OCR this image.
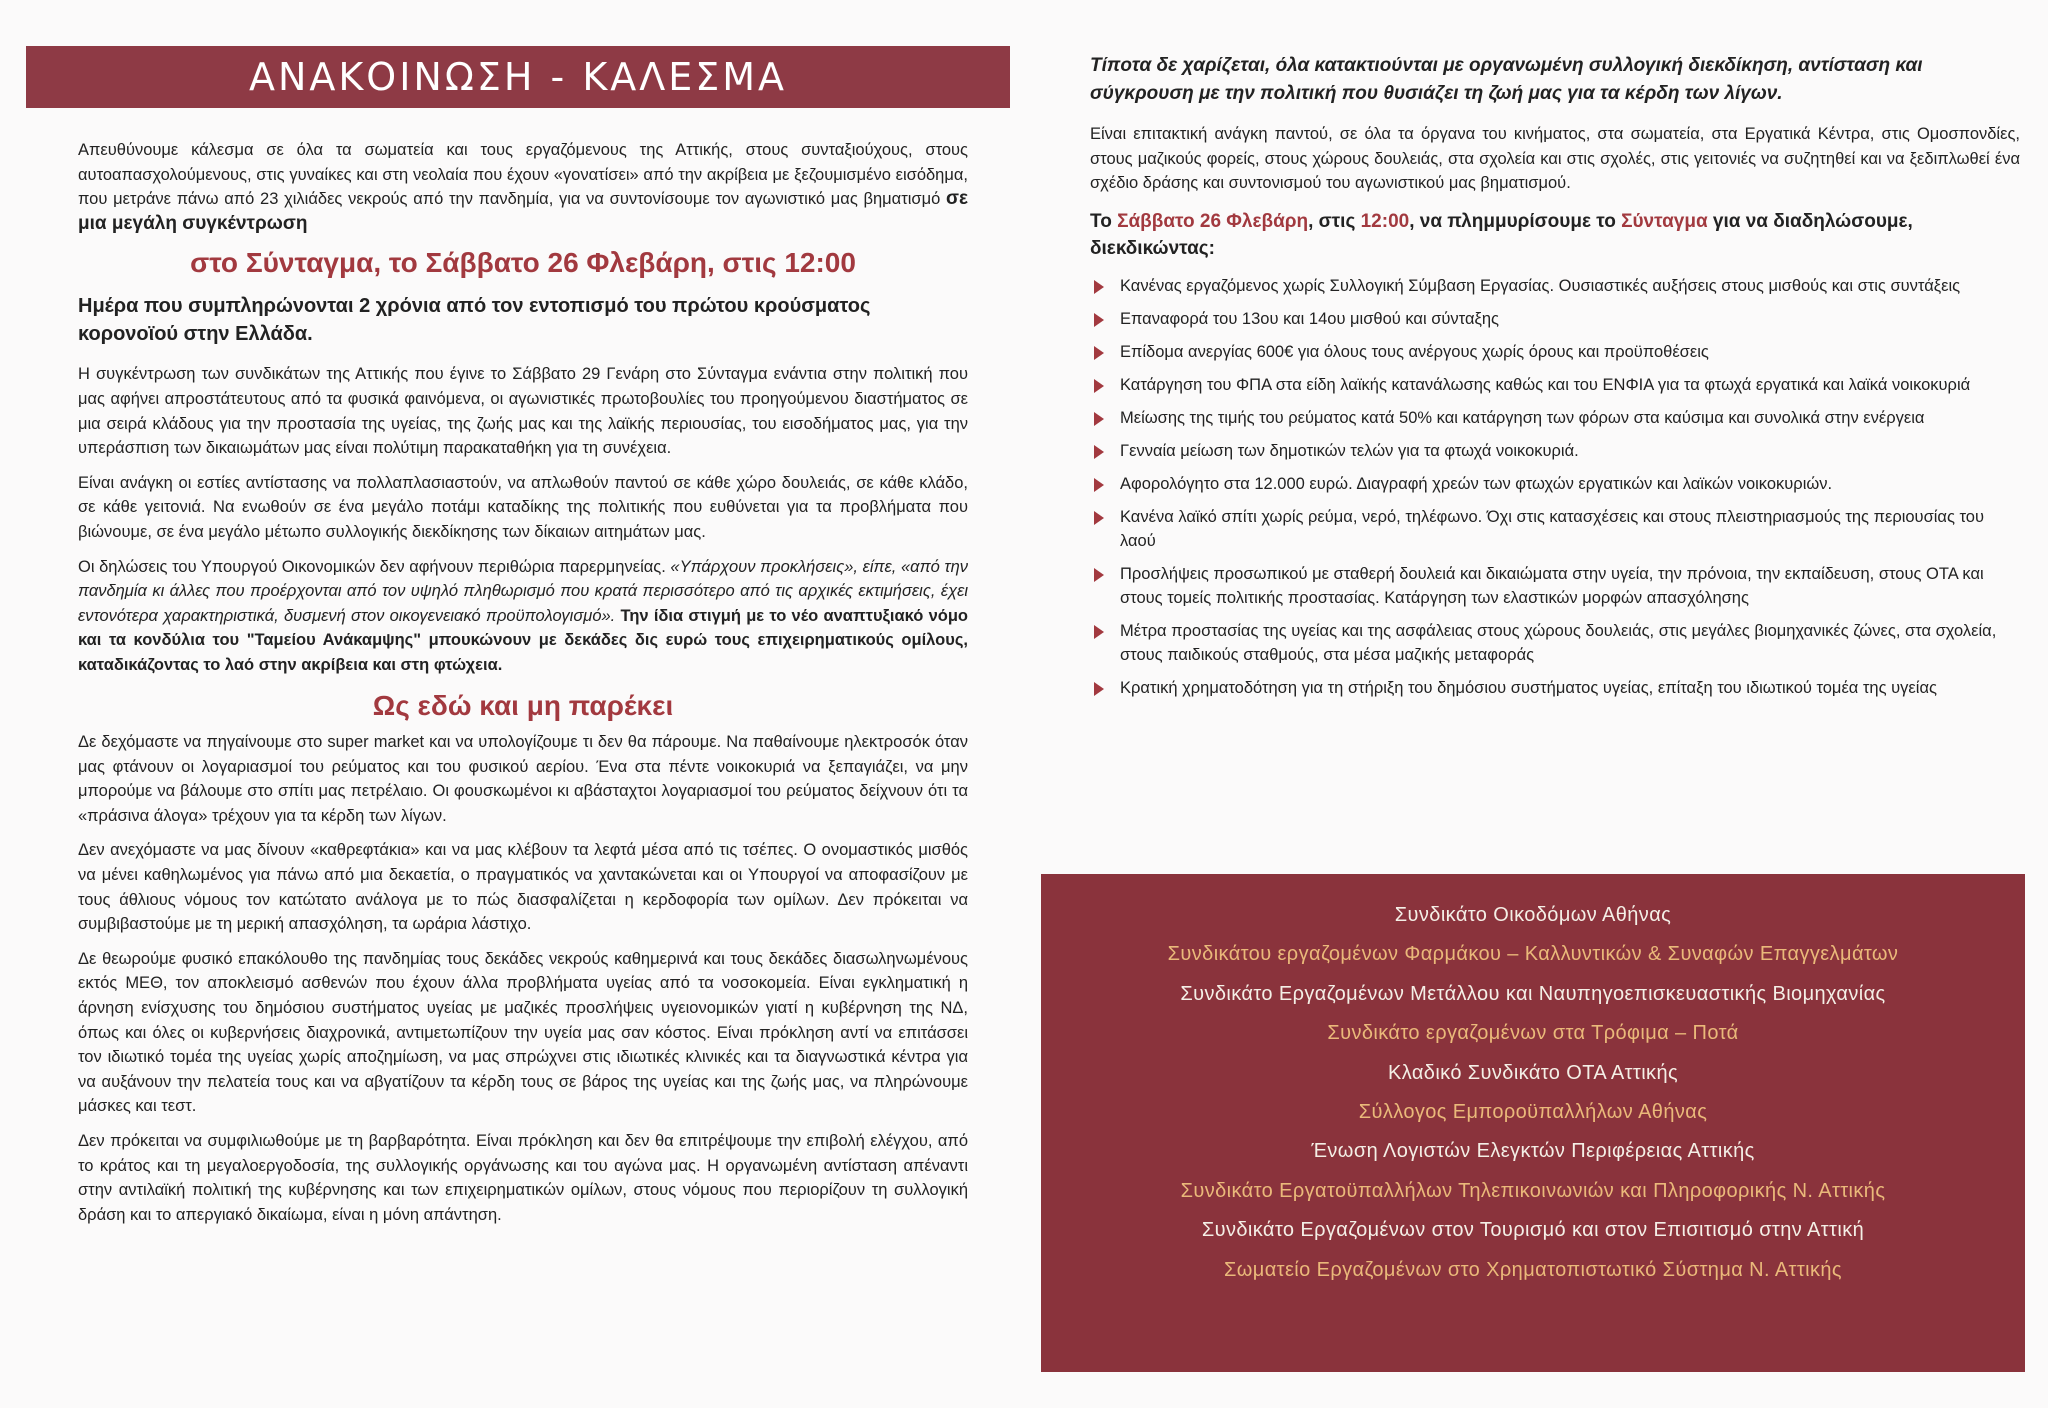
ΑΝΑΚΟΙΝΩΣΗ - ΚΑΛΕΣΜΑ

Απευθύνουμε κάλεσμα σε όλα τα σωματεία και τους εργαζόμενους της Αττικής, στους συνταξιούχους, στους αυτοαπασχολούμενους, στις γυναίκες και στη νεολαία που έχουν «γονατίσει» από την ακρίβεια με ξεζουμισμένο εισόδημα, που μετράνε πάνω από 23 χιλιάδες νεκρούς από την πανδημία, για να συντονίσουμε τον αγωνιστικό μας βηματισμό σε μια μεγάλη συγκέντρωση

στο Σύνταγμα, το Σάββατο 26 Φλεβάρη, στις 12:00

Ημέρα που συμπληρώνονται 2 χρόνια από τον εντοπισμό του πρώτου κρούσματος κορονοϊού στην Ελλάδα.

Η συγκέντρωση των συνδικάτων της Αττικής που έγινε το Σάββατο 29 Γενάρη στο Σύνταγμα ενάντια στην πολιτική που μας αφήνει απροστάτευτους από τα φυσικά φαινόμενα, οι αγωνιστικές πρωτοβουλίες του προηγούμενου διαστήματος σε μια σειρά κλάδους για την προστασία της υγείας, της ζωής μας και της λαϊκής περιουσίας, του εισοδήματος μας, για την υπεράσπιση των δικαιωμάτων μας είναι πολύτιμη παρακαταθήκη για τη συνέχεια.

Είναι ανάγκη οι εστίες αντίστασης να πολλαπλασιαστούν, να απλωθούν παντού σε κάθε χώρο δουλειάς, σε κάθε κλάδο, σε κάθε γειτονιά. Να ενωθούν σε ένα μεγάλο ποτάμι καταδίκης της πολιτικής που ευθύνεται για τα προβλήματα που βιώνουμε, σε ένα μεγάλο μέτωπο συλλογικής διεκδίκησης των δίκαιων αιτημάτων μας.

Οι δηλώσεις του Υπουργού Οικονομικών δεν αφήνουν περιθώρια παρερμηνείας. «Υπάρχουν προκλήσεις», είπε, «από την πανδημία κι άλλες που προέρχονται από τον υψηλό πληθωρισμό που κρατά περισσότερο από τις αρχικές εκτιμήσεις, έχει εντονότερα χαρακτηριστικά, δυσμενή στον οικογενειακό προϋπολογισμό». Την ίδια στιγμή με το νέο αναπτυξιακό νόμο και τα κονδύλια του "Ταμείου Ανάκαμψης" μπουκώνουν με δεκάδες δις ευρώ τους επιχειρηματικούς ομίλους, καταδικάζοντας το λαό στην ακρίβεια και στη φτώχεια.

Ως εδώ και μη παρέκει

Δε δεχόμαστε να πηγαίνουμε στο super market και να υπολογίζουμε τι δεν θα πάρουμε. Να παθαίνουμε ηλεκτροσόκ όταν μας φτάνουν οι λογαριασμοί του ρεύματος και του φυσικού αερίου. Ένα στα πέντε νοικοκυριά να ξεπαγιάζει, να μην μπορούμε να βάλουμε στο σπίτι μας πετρέλαιο. Οι φουσκωμένοι κι αβάσταχτοι λογαριασμοί του ρεύματος δείχνουν ότι τα «πράσινα άλογα» τρέχουν για τα κέρδη των λίγων.

Δεν ανεχόμαστε να μας δίνουν «καθρεφτάκια» και να μας κλέβουν τα λεφτά μέσα από τις τσέπες. Ο ονομαστικός μισθός να μένει καθηλωμένος για πάνω από μια δεκαετία, ο πραγματικός να χαντακώνεται και οι Υπουργοί να αποφασίζουν με τους άθλιους νόμους τον κατώτατο ανάλογα με το πώς διασφαλίζεται η κερδοφορία των ομίλων. Δεν πρόκειται να συμβιβαστούμε με τη μερική απασχόληση, τα ωράρια λάστιχο.

Δε θεωρούμε φυσικό επακόλουθο της πανδημίας τους δεκάδες νεκρούς καθημερινά και τους δεκάδες διασωληνωμένους εκτός ΜΕΘ, τον αποκλεισμό ασθενών που έχουν άλλα προβλήματα υγείας από τα νοσοκομεία. Είναι εγκληματική η άρνηση ενίσχυσης του δημόσιου συστήματος υγείας με μαζικές προσλήψεις υγειονομικών γιατί η κυβέρνηση της ΝΔ, όπως και όλες οι κυβερνήσεις διαχρονικά, αντιμετωπίζουν την υγεία μας σαν κόστος. Είναι πρόκληση αντί να επιτάσσει τον ιδιωτικό τομέα της υγείας χωρίς αποζημίωση, να μας σπρώχνει στις ιδιωτικές κλινικές και τα διαγνωστικά κέντρα για να αυξάνουν την πελατεία τους και να αβγατίζουν τα κέρδη τους σε βάρος της υγείας και της ζωής μας, να πληρώνουμε μάσκες και τεστ.

Δεν πρόκειται να συμφιλιωθούμε με τη βαρβαρότητα. Είναι πρόκληση και δεν θα επιτρέψουμε την επιβολή ελέγχου, από το κράτος και τη μεγαλοεργοδοσία, της συλλογικής οργάνωσης και του αγώνα μας. Η οργανωμένη αντίσταση απέναντι στην αντιλαϊκή πολιτική της κυβέρνησης και των επιχειρηματικών ομίλων, στους νόμους που περιορίζουν τη συλλογική δράση και το απεργιακό δικαίωμα, είναι η μόνη απάντηση.

Τίποτα δε χαρίζεται, όλα κατακτιούνται με οργανωμένη συλλογική διεκδίκηση, αντίσταση και σύγκρουση με την πολιτική που θυσιάζει τη ζωή μας για τα κέρδη των λίγων.

Είναι επιτακτική ανάγκη παντού, σε όλα τα όργανα του κινήματος, στα σωματεία, στα Εργατικά Κέντρα, στις Ομοσπονδίες, στους μαζικούς φορείς, στους χώρους δουλειάς, στα σχολεία και στις σχολές, στις γειτονιές να συζητηθεί και να ξεδιπλωθεί ένα σχέδιο δράσης και συντονισμού του αγωνιστικού μας βηματισμού.

Το Σάββατο 26 Φλεβάρη, στις 12:00, να πλημμυρίσουμε το Σύνταγμα για να διαδηλώσουμε, διεκδικώντας:

Κανένας εργαζόμενος χωρίς Συλλογική Σύμβαση Εργασίας. Ουσιαστικές αυξήσεις στους μισθούς και στις συντάξεις
Επαναφορά του 13ου και 14ου μισθού και σύνταξης
Επίδομα ανεργίας 600€ για όλους τους ανέργους χωρίς όρους και προϋποθέσεις
Κατάργηση του ΦΠΑ στα είδη λαϊκής κατανάλωσης καθώς και του ΕΝΦΙΑ για τα φτωχά εργατικά και λαϊκά νοικοκυριά
Μείωσης της τιμής του ρεύματος κατά 50% και κατάργηση των φόρων στα καύσιμα και συνολικά στην ενέργεια
Γενναία μείωση των δημοτικών τελών για τα φτωχά νοικοκυριά.
Αφορολόγητο στα 12.000 ευρώ. Διαγραφή χρεών των φτωχών εργατικών και λαϊκών νοικοκυριών.
Κανένα λαϊκό σπίτι χωρίς ρεύμα, νερό, τηλέφωνο. Όχι στις κατασχέσεις και στους πλειστηριασμούς της περιουσίας του λαού
Προσλήψεις προσωπικού με σταθερή δουλειά και δικαιώματα στην υγεία, την πρόνοια, την εκπαίδευση, στους ΟΤΑ και στους τομείς πολιτικής προστασίας. Κατάργηση των ελαστικών μορφών απασχόλησης
Μέτρα προστασίας της υγείας και της ασφάλειας στους χώρους δουλειάς, στις μεγάλες βιομηχανικές ζώνες, στα σχολεία, στους παιδικούς σταθμούς, στα μέσα μαζικής μεταφοράς
Κρατική χρηματοδότηση για τη στήριξη του δημόσιου συστήματος υγείας, επίταξη του ιδιωτικού τομέα της υγείας
Συνδικάτο Οικοδόμων Αθήνας
Συνδικάτου εργαζομένων Φαρμάκου – Καλλυντικών & Συναφών Επαγγελμάτων
Συνδικάτο Εργαζομένων Μετάλλου και Ναυπηγοεπισκευαστικής Βιομηχανίας
Συνδικάτο εργαζομένων στα Τρόφιμα – Ποτά
Κλαδικό Συνδικάτο ΟΤΑ Αττικής
Σύλλογος Εμποροϋπαλλήλων Αθήνας
Ένωση Λογιστών Ελεγκτών Περιφέρειας Αττικής
Συνδικάτο Εργατοϋπαλλήλων Τηλεπικοινωνιών και Πληροφορικής Ν. Αττικής
Συνδικάτο Εργαζομένων στον Τουρισμό και στον Επισιτισμό στην Αττική
Σωματείο Εργαζομένων στο Χρηματοπιστωτικό Σύστημα Ν. Αττικής
